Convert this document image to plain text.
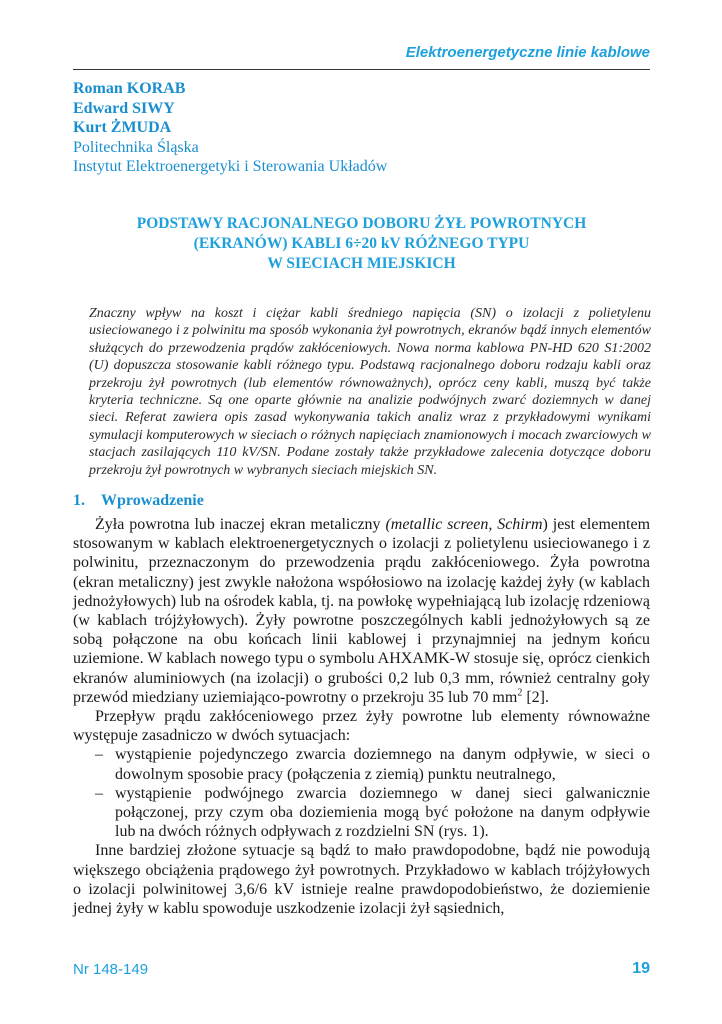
Elektroenergetyczne linie kablowe
Roman KORAB
Edward SIWY
Kurt ŻMUDA
Politechnika Śląska
Instytut Elektroenergetyki i Sterowania Układów
PODSTAWY RACJONALNEGO DOBORU ŻYŁ POWROTNYCH
(EKRANÓW) KABLI 6÷20 kV RÓŻNEGO TYPU
W SIECIACH MIEJSKICH
Znaczny wpływ na koszt i ciężar kabli średniego napięcia (SN) o izolacji z polietylenu usieciowanego i z polwinitu ma sposób wykonania żył powrotnych, ekranów bądź innych elementów służących do przewodzenia prądów zakłóceniowych. Nowa norma kablowa PN-HD 620 S1:2002 (U) dopuszcza stosowanie kabli różnego typu. Podstawą racjonalnego doboru rodzaju kabli oraz przekroju żył powrotnych (lub elementów równoważnych), oprócz ceny kabli, muszą być także kryteria techniczne. Są one oparte głównie na analizie podwójnych zwarć doziemnych w danej sieci. Referat zawiera opis zasad wykonywania takich analiz wraz z przykładowymi wynikami symulacji komputerowych w sieciach o różnych napięciach znamionowych i mocach zwarciowych w stacjach zasilających 110 kV/SN. Podane zostały także przykładowe zalecenia dotyczące doboru przekroju żył powrotnych w wybranych sieciach miejskich SN.
1. Wprowadzenie

Żyła powrotna lub inaczej ekran metaliczny (metallic screen, Schirm) jest elementem stosowanym w kablach elektroenergetycznych o izolacji z polietylenu usieciowanego i z polwinitu, przeznaczonym do przewodzenia prądu zakłóceniowego. Żyła powrotna (ekran metaliczny) jest zwykle nałożona współosiowo na izolację każdej żyły (w kablach jednożyłowych) lub na ośrodek kabla, tj. na powłokę wypełniającą lub izolację rdzeniową (w kablach trójżyłowych). Żyły powrotne poszczególnych kabli jednożyłowych są ze sobą połączone na obu końcach linii kablowej i przynajmniej na jednym końcu uziemione. W kablach nowego typu o symbolu AHXAMK-W stosuje się, oprócz cienkich ekranów aluminiowych (na izolacji) o grubości 0,2 lub 0,3 mm, również centralny goły przewód miedziany uziemiająco-powrotny o przekroju 35 lub 70 $mm^2$ [2].

Przepływ prądu zakłóceniowego przez żyły powrotne lub elementy równoważne występuje zasadniczo w dwóch sytuacjach:

– wystąpienie pojedynczego zwarcia doziemnego na danym odpływie, w sieci o dowolnym sposobie pracy (połączenia z ziemią) punktu neutralnego,

– wystąpienie podwójnego zwarcia doziemnego w danej sieci galwanicznie połączonej, przy czym oba doziemienia mogą być położone na danym odpływie lub na dwóch różnych odpływach z rozdzielni SN (rys. 1).

Inne bardziej złożone sytuacje są bądź to mało prawdopodobne, bądź nie powodują większego obciążenia prądowego żył powrotnych. Przykładowo w kablach trójżyłowych o izolacji polwinitowej 3,6/6 kV istnieje realne prawdopodobieństwo, że doziemienie jednej żyły w kablu spowoduje uszkodzenie izolacji żył sąsiednich,

Nr 148-149	19
